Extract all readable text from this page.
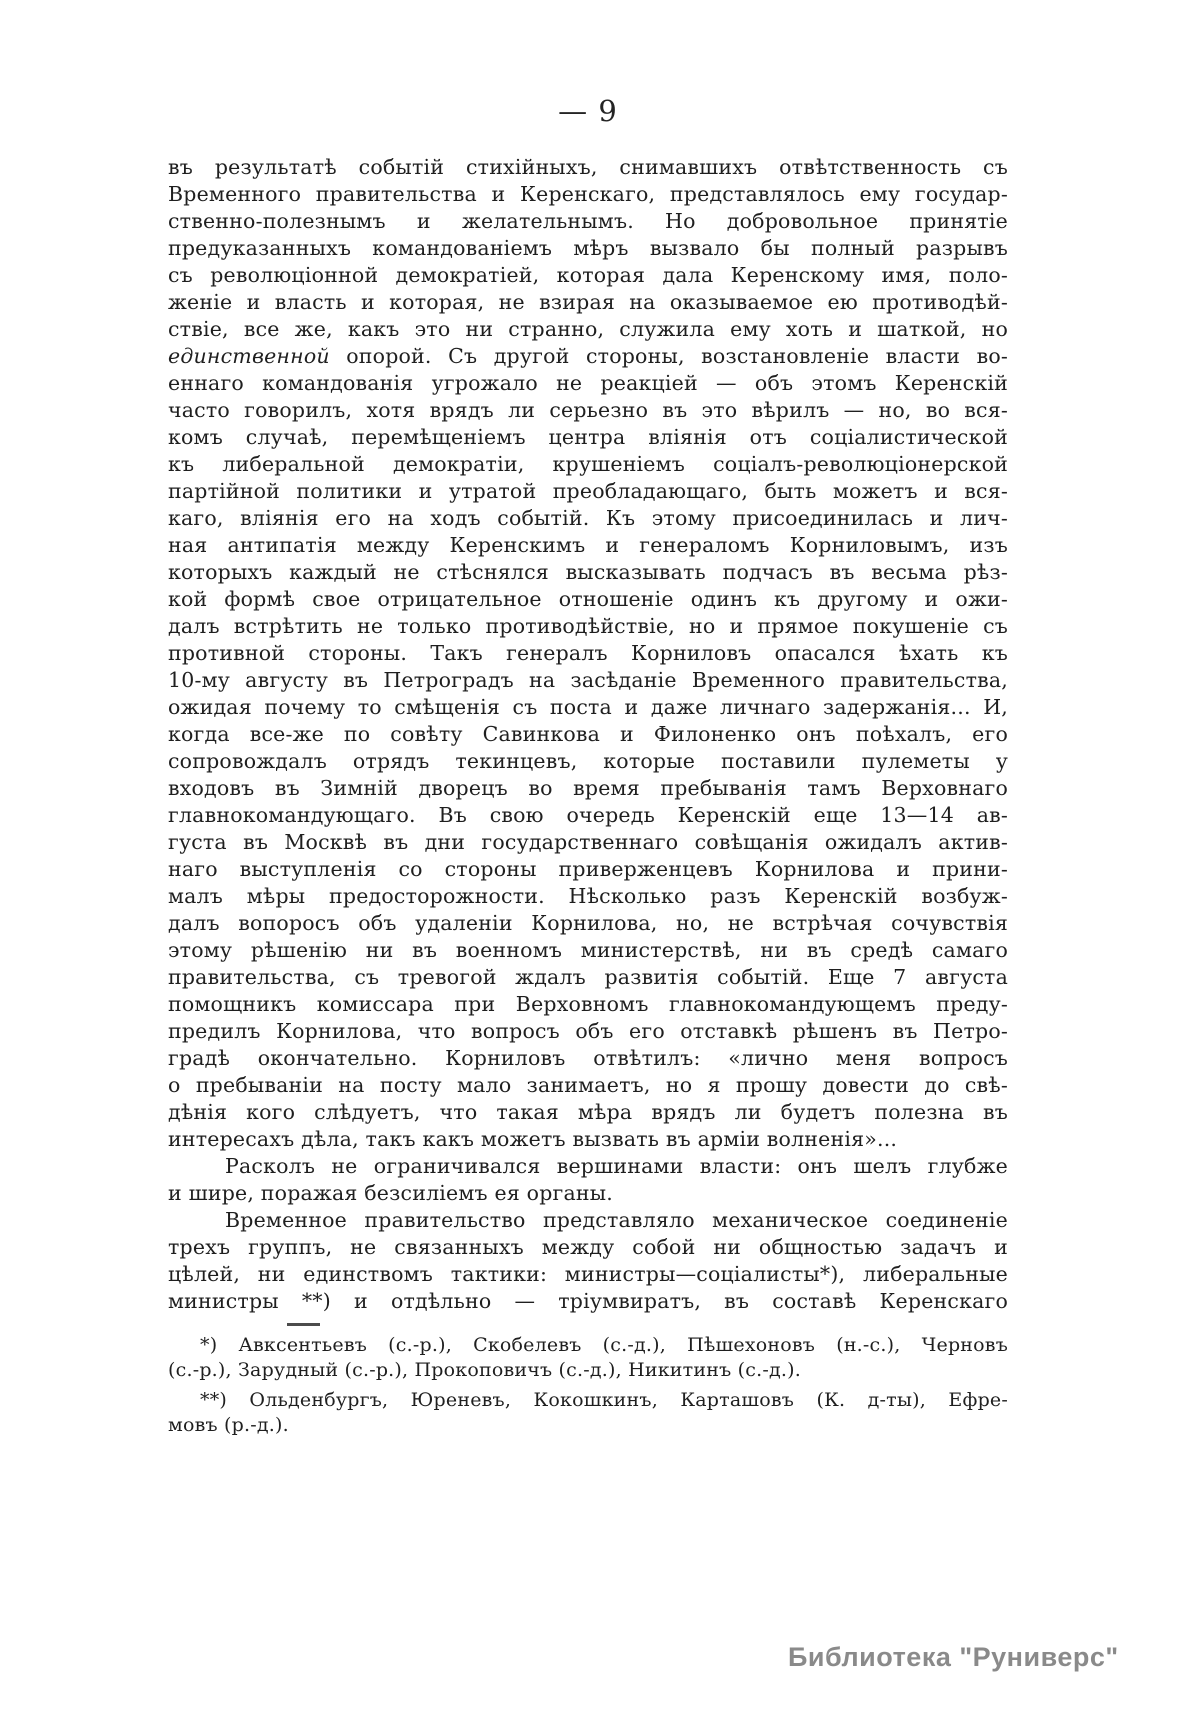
— 9
въ результатѣ событій стихійныхъ, снимавшихъ отвѣтственность съ
Временного правительства и Керенскаго, представлялось ему государ-
ственно-полезнымъ и желательнымъ. Но добровольное принятіе
предуказанныхъ командованіемъ мѣръ вызвало бы полный разрывъ
съ революціонной демократіей, которая дала Керенскому имя, поло-
женіе и власть и которая, не взирая на оказываемое ею противодѣй-
ствіе, все же, какъ это ни странно, служила ему хоть и шаткой, но
единственной опорой. Съ другой стороны, возстановленіе власти во-
еннаго командованія угрожало не реакціей — объ этомъ Керенскій
часто говорилъ, хотя врядъ ли серьезно въ это вѣрилъ — но, во вся-
комъ случаѣ, перемѣщеніемъ центра вліянія отъ соціалистической
къ либеральной демократіи, крушеніемъ соціалъ-революціонерской
партійной политики и утратой преобладающаго, быть можетъ и вся-
каго, вліянія его на ходъ событій. Къ этому присоединилась и лич-
ная антипатія между Керенскимъ и генераломъ Корниловымъ, изъ
которыхъ каждый не стѣснялся высказывать подчасъ въ весьма рѣз-
кой формѣ свое отрицательное отношеніе одинъ къ другому и ожи-
далъ встрѣтить не только противодѣйствіе, но и прямое покушеніе съ
противной стороны. Такъ генералъ Корниловъ опасался ѣхать къ
10-му августу въ Петроградъ на засѣданіе Временного правительства,
ожидая почему то смѣщенія съ поста и даже личнаго задержанія... И,
когда все-же по совѣту Савинкова и Филоненко онъ поѣхалъ, его
сопровождалъ отрядъ текинцевъ, которые поставили пулеметы у
входовъ въ Зимній дворецъ во время пребыванія тамъ Верховнаго
главнокомандующаго. Въ свою очередь Керенскій еще 13—14 ав-
густа въ Москвѣ въ дни государственнаго совѣщанія ожидалъ актив-
наго выступленія со стороны приверженцевъ Корнилова и прини-
малъ мѣры предосторожности. Нѣсколько разъ Керенскій возбуж-
далъ вопоросъ объ удаленіи Корнилова, но, не встрѣчая сочувствія
этому рѣшенію ни въ военномъ министерствѣ, ни въ средѣ самаго
правительства, съ тревогой ждалъ развитія событій. Еще 7 августа
помощникъ комиссара при Верховномъ главнокомандующемъ преду-
предилъ Корнилова, что вопросъ объ его отставкѣ рѣшенъ въ Петро-
градѣ окончательно. Корниловъ отвѣтилъ: «лично меня вопросъ
о пребываніи на посту мало занимаетъ, но я прошу довести до свѣ-
дѣнія кого слѣдуетъ, что такая мѣра врядъ ли будетъ полезна въ
интересахъ дѣла, такъ какъ можетъ вызвать въ арміи волненія»...
Расколъ не ограничивался вершинами власти: онъ шелъ глубже
и шире, поражая безсиліемъ ея органы.
Временное правительство представляло механическое соединеніе
трехъ группъ, не связанныхъ между собой ни общностью задачъ и
цѣлей, ни единствомъ тактики: министры—соціалисты*), либеральные
министры **) и отдѣльно — тріумвиратъ, въ составѣ Керенскаго
*) Авксентьевъ (с.-р.), Скобелевъ (с.-д.), Пѣшехоновъ (н.-с.), Черновъ
(с.-р.), Зарудный (с.-р.), Прокоповичъ (с.-д.), Никитинъ (с.-д.).
**) Ольденбургъ, Юреневъ, Кокошкинъ, Карташовъ (К. д-ты), Ефре-
мовъ (р.-д.).
Библиотека "Руниверс"
